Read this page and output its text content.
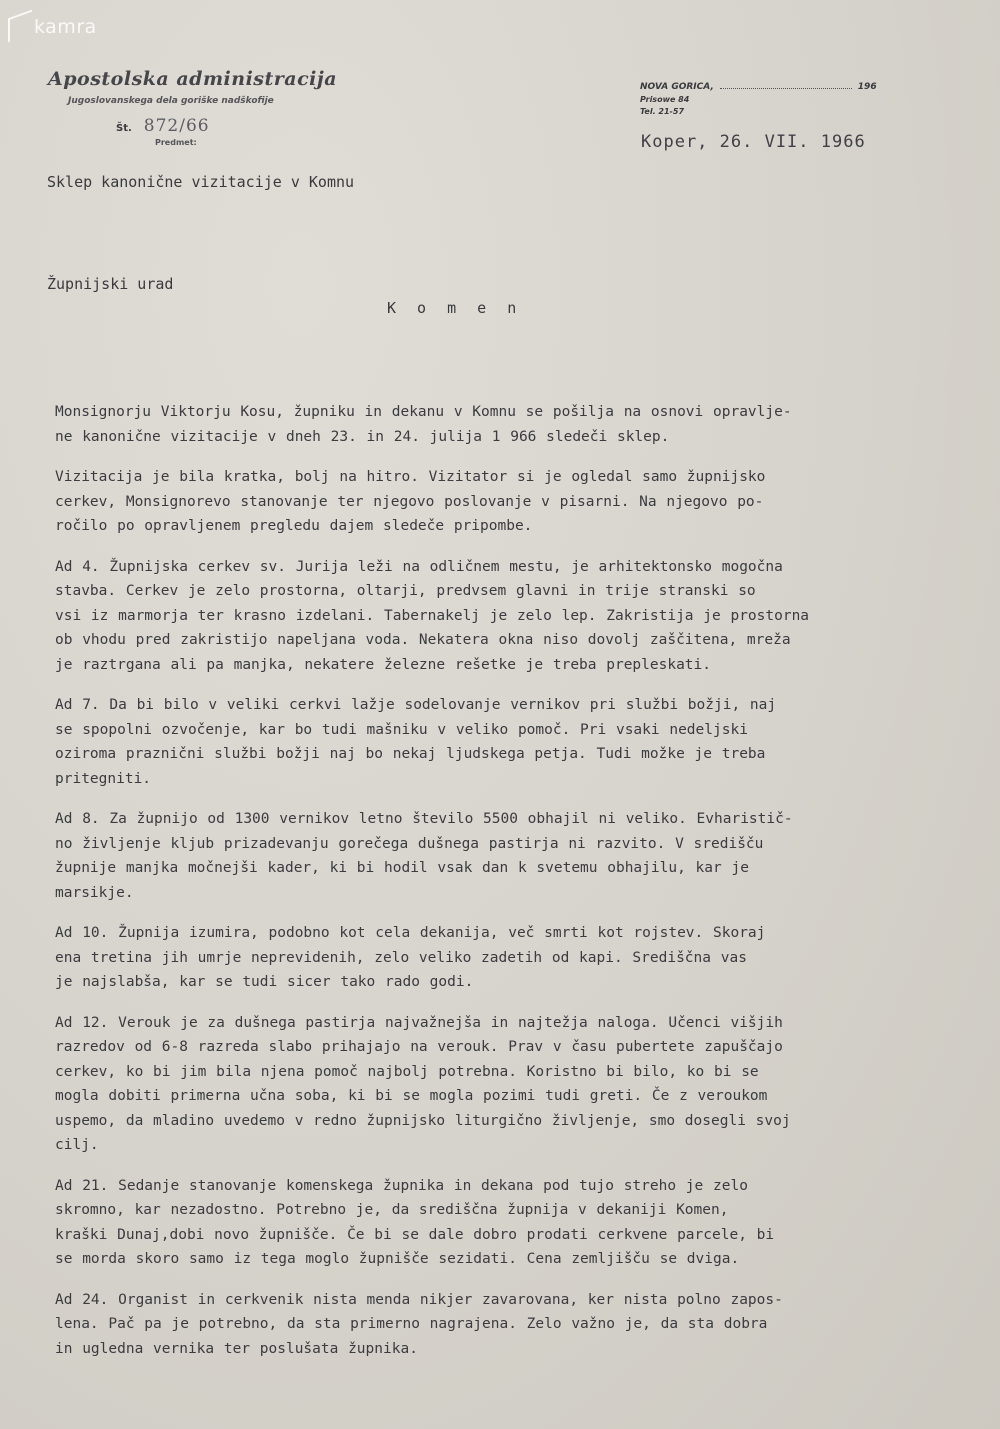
kamra
Apostolska administracija
Jugoslovanskega dela goriške nadškofije
Št. 872/66
Predmet:
NOVA GORICA,	196
Prisowe 84
Tel. 21-57
Koper, 26. VII. 1966
Sklep kanonične vizitacije v Komnu
Župnijski urad
K o m e n

Monsignorju Viktorju Kosu, župniku in dekanu v Komnu se pošilja na osnovi opravlje-
ne kanonične vizitacije v dneh 23. in 24. julija 1 966 sledeči sklep.

Vizitacija je bila kratka, bolj na hitro. Vizitator si je ogledal samo župnijsko
cerkev, Monsignorevo stanovanje ter njegovo poslovanje v pisarni. Na njegovo po-
ročilo po opravljenem pregledu dajem sledeče pripombe.

Ad 4. Župnijska cerkev sv. Jurija leži na odličnem mestu, je arhitektonsko mogočna
stavba. Cerkev je zelo prostorna, oltarji, predvsem glavni in trije stranski so
vsi iz marmorja ter krasno izdelani. Tabernakelj je zelo lep. Zakristija je prostorna
ob vhodu pred zakristijo napeljana voda. Nekatera okna niso dovolj zaščitena, mreža
je raztrgana ali pa manjka, nekatere železne rešetke je treba prepleskati.

Ad 7. Da bi bilo v veliki cerkvi lažje sodelovanje vernikov pri službi božji, naj
se spopolni ozvočenje, kar bo tudi mašniku v veliko pomoč. Pri vsaki nedeljski
oziroma praznični službi božji naj bo nekaj ljudskega petja. Tudi možke je treba
pritegniti.

Ad 8. Za župnijo od 1300 vernikov letno število 5500 obhajil ni veliko. Evharistič-
no življenje kljub prizadevanju gorečega dušnega pastirja ni razvito. V središču
župnije manjka močnejši kader, ki bi hodil vsak dan k svetemu obhajilu, kar je
marsikje.

Ad 10. Župnija izumira, podobno kot cela dekanija, več smrti kot rojstev. Skoraj
ena tretina jih umrje neprevidenih, zelo veliko zadetih od kapi. Središčna vas
je najslabša, kar se tudi sicer tako rado godi.

Ad 12. Verouk je za dušnega pastirja najvažnejša in najtežja naloga. Učenci višjih
razredov od 6-8 razreda slabo prihajajo na verouk. Prav v času pubertete zapuščajo
cerkev, ko bi jim bila njena pomoč najbolj potrebna. Koristno bi bilo, ko bi se
mogla dobiti primerna učna soba, ki bi se mogla pozimi tudi greti. Če z veroukom
uspemo, da mladino uvedemo v redno župnijsko liturgično življenje, smo dosegli svoj
cilj.

Ad 21. Sedanje stanovanje komenskega župnika in dekana pod tujo streho je zelo
skromno, kar nezadostno. Potrebno je, da središčna župnija v dekaniji Komen,
kraški Dunaj,dobi novo župnišče. Če bi se dale dobro prodati cerkvene parcele, bi
se morda skoro samo iz tega moglo župnišče sezidati. Cena zemljišču se dviga.

Ad 24. Organist in cerkvenik nista menda nikjer zavarovana, ker nista polno zapos-
lena. Pač pa je potrebno, da sta primerno nagrajena. Zelo važno je, da sta dobra
in ugledna vernika ter poslušata župnika.
